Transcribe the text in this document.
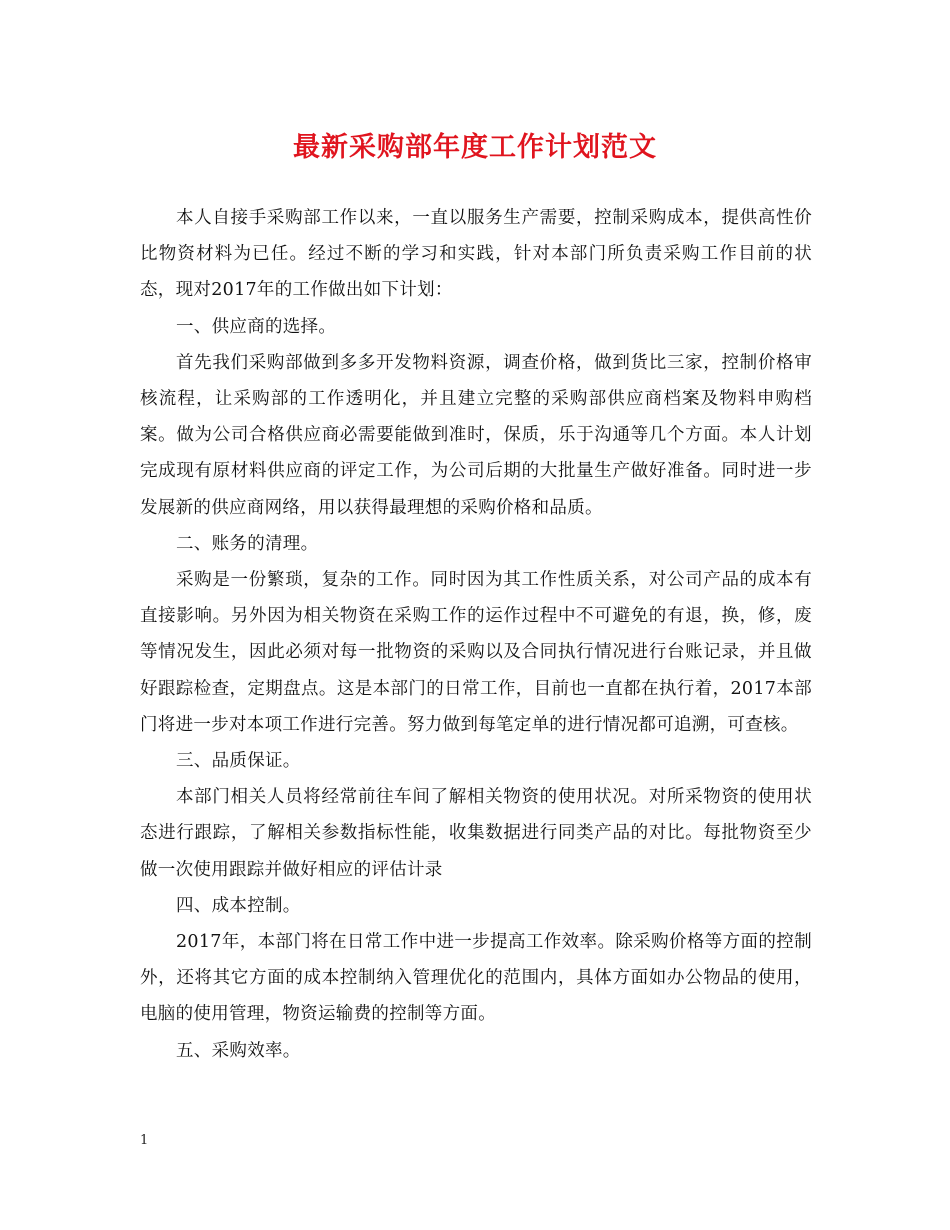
最新采购部年度工作计划范文

本人自接手采购部工作以来，一直以服务生产需要，控制采购成本，提供高性价比物资材料为已任。经过不断的学习和实践，针对本部门所负责采购工作目前的状态，现对2017年的工作做出如下计划：

一、供应商的选择。

首先我们采购部做到多多开发物料资源，调查价格，做到货比三家，控制价格审核流程，让采购部的工作透明化，并且建立完整的采购部供应商档案及物料申购档案。做为公司合格供应商必需要能做到准时，保质，乐于沟通等几个方面。本人计划完成现有原材料供应商的评定工作，为公司后期的大批量生产做好准备。同时进一步发展新的供应商网络，用以获得最理想的采购价格和品质。

二、账务的清理。

采购是一份繁琐，复杂的工作。同时因为其工作性质关系，对公司产品的成本有直接影响。另外因为相关物资在采购工作的运作过程中不可避免的有退，换，修，废等情况发生，因此必须对每一批物资的采购以及合同执行情况进行台账记录，并且做好跟踪检查，定期盘点。这是本部门的日常工作，目前也一直都在执行着，2017本部门将进一步对本项工作进行完善。努力做到每笔定单的进行情况都可追溯，可查核。

三、品质保证。

本部门相关人员将经常前往车间了解相关物资的使用状况。对所采物资的使用状态进行跟踪，了解相关参数指标性能，收集数据进行同类产品的对比。每批物资至少做一次使用跟踪并做好相应的评估计录

四、成本控制。

2017年，本部门将在日常工作中进一步提高工作效率。除采购价格等方面的控制外，还将其它方面的成本控制纳入管理优化的范围内，具体方面如办公物品的使用，电脑的使用管理，物资运输费的控制等方面。

五、采购效率。

1
